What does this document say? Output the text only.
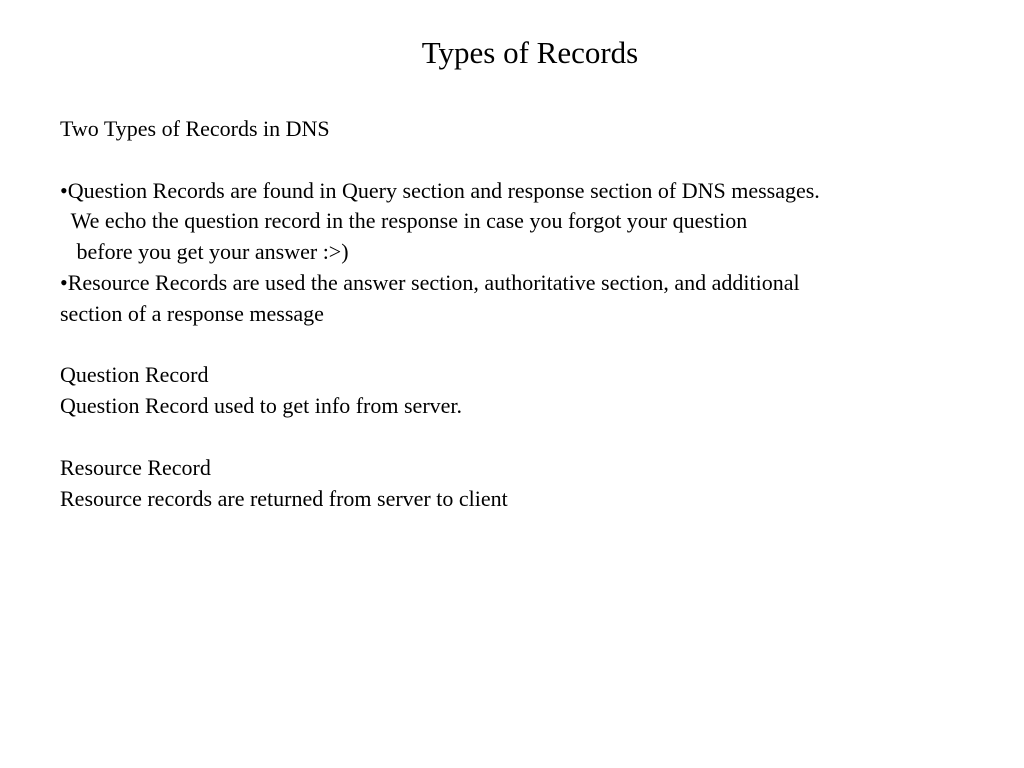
Types of Records
Two Types of Records in DNS
•Question Records are found in Query section and response section of DNS messages.
We echo the question record in the response in case you forgot your question
before you get your answer :>)
•Resource Records are used the answer section, authoritative section, and additional
section of a response message
Question Record
Question Record used to get info from server.
Resource Record
Resource records are returned from server to client
